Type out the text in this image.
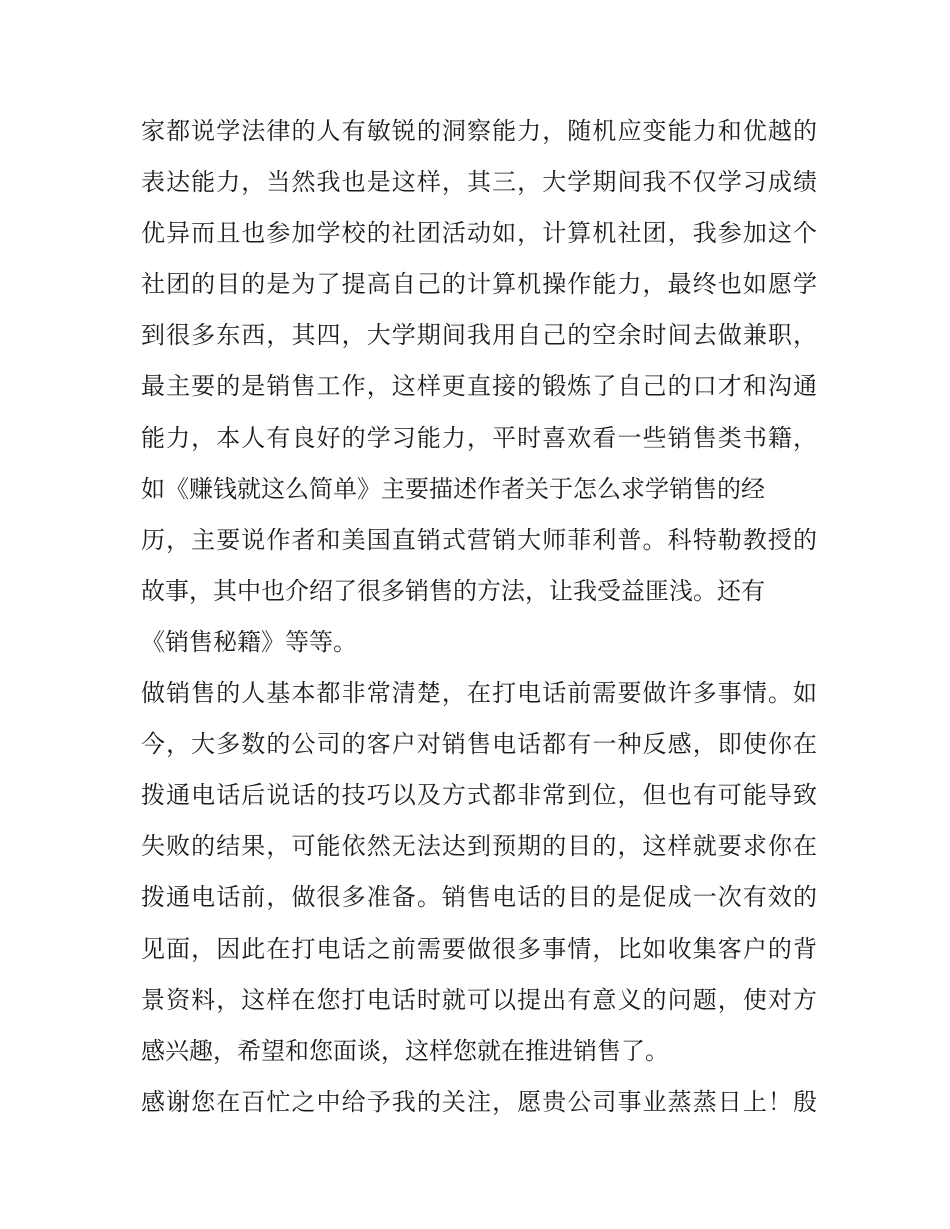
家都说学法律的人有敏锐的洞察能力，随机应变能力和优越的
表达能力，当然我也是这样，其三，大学期间我不仅学习成绩
优异而且也参加学校的社团活动如，计算机社团，我参加这个
社团的目的是为了提高自己的计算机操作能力，最终也如愿学
到很多东西，其四，大学期间我用自己的空余时间去做兼职，
最主要的是销售工作，这样更直接的锻炼了自己的口才和沟通
能力，本人有良好的学习能力，平时喜欢看一些销售类书籍，
如《赚钱就这么简单》主要描述作者关于怎么求学销售的经
历，主要说作者和美国直销式营销大师菲利普。科特勒教授的
故事，其中也介绍了很多销售的方法，让我受益匪浅。还有
《销售秘籍》等等。
做销售的人基本都非常清楚，在打电话前需要做许多事情。如
今，大多数的公司的客户对销售电话都有一种反感，即使你在
拨通电话后说话的技巧以及方式都非常到位，但也有可能导致
失败的结果，可能依然无法达到预期的目的，这样就要求你在
拨通电话前，做很多准备。销售电话的目的是促成一次有效的
见面，因此在打电话之前需要做很多事情，比如收集客户的背
景资料，这样在您打电话时就可以提出有意义的问题，使对方
感兴趣，希望和您面谈，这样您就在推进销售了。
感谢您在百忙之中给予我的关注，愿贵公司事业蒸蒸日上！殷
